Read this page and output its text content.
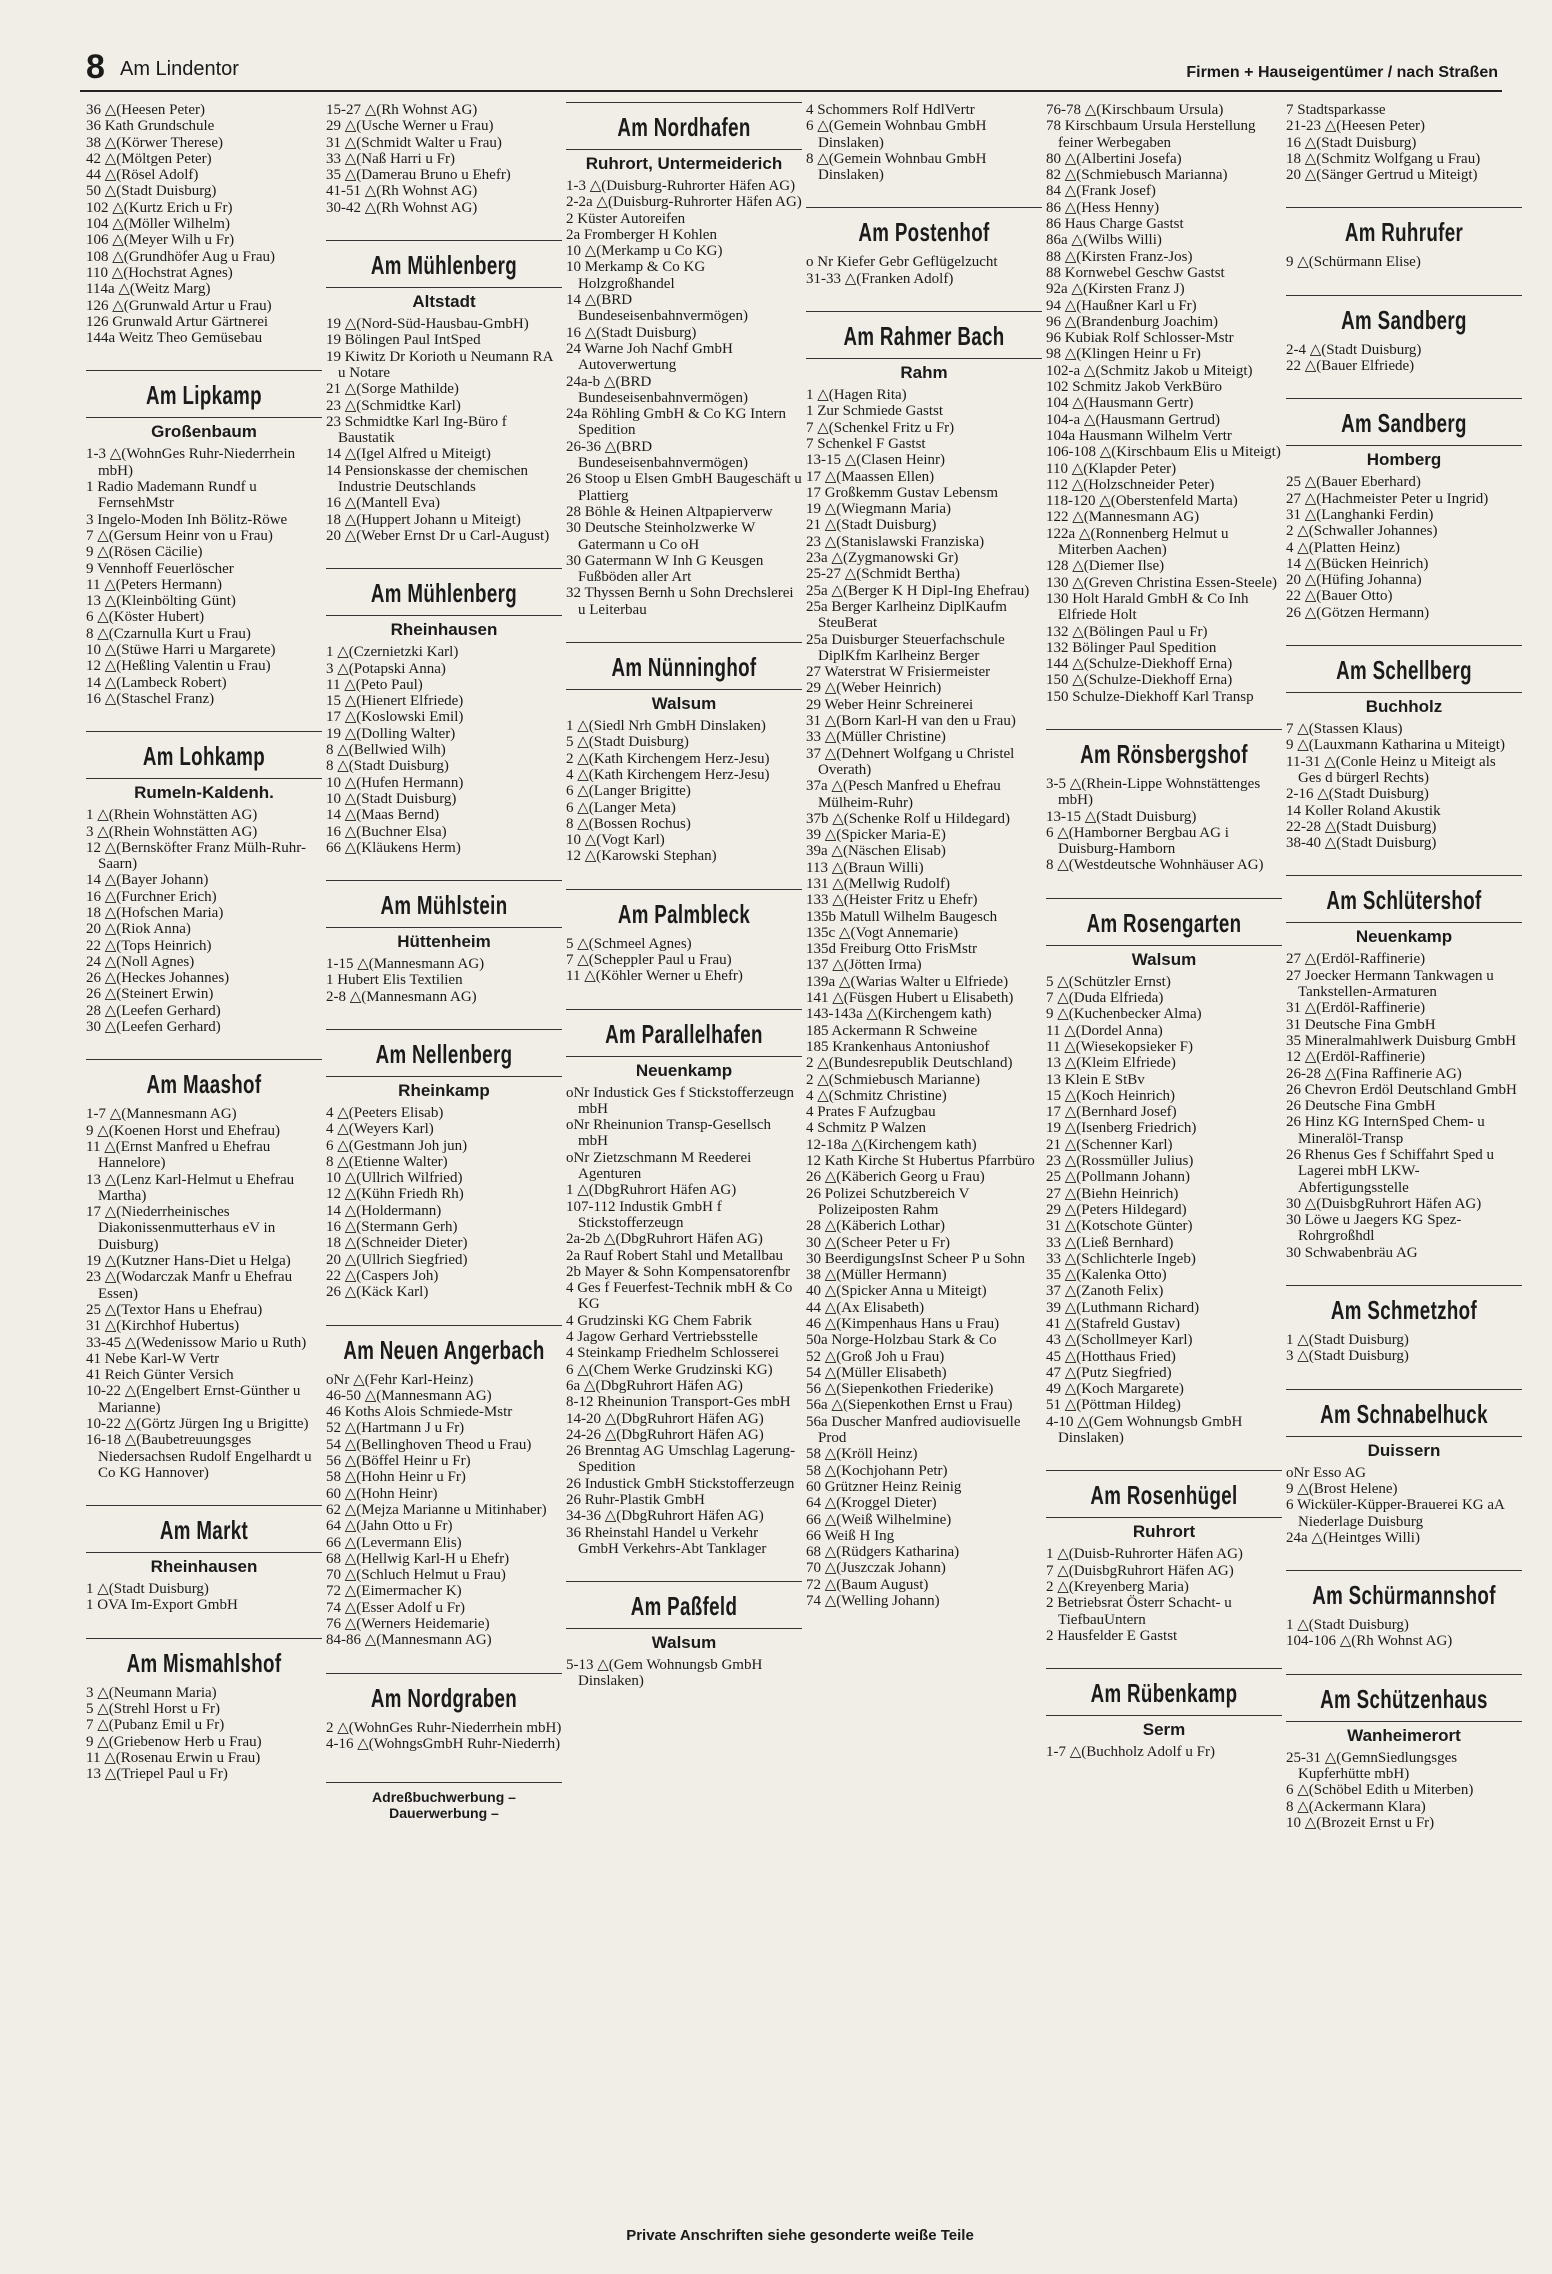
8 Am Lindentor	Firmen + Hauseigentümer / nach Straßen
36 △(Heesen Peter)
36 Kath Grundschule
38 △(Körwer Therese)
42 △(Möltgen Peter)
44 △(Rösel Adolf)
50 △(Stadt Duisburg)
102 △(Kurtz Erich u Fr)
104 △(Möller Wilhelm)
106 △(Meyer Wilh u Fr)
108 △(Grundhöfer Aug u Frau)
110 △(Hochstrat Agnes)
114a △(Weitz Marg)
126 △(Grunwald Artur u Frau)
126 Grunwald Artur Gärtnerei
144a Weitz Theo Gemüsebau
Am Lipkamp
Großenbaum
1-3 △(WohnGes Ruhr-Niederrhein mbH)
1 Radio Mademann Rundf u FernsehMstr
3 Ingelo-Moden Inh Bölitz-Röwe
7 △(Gersum Heinr von u Frau)
9 △(Rösen Cäcilie)
9 Vennhoff Feuerlöscher
11 △(Peters Hermann)
13 △(Kleinbölting Günt)
6 △(Köster Hubert)
8 △(Czarnulla Kurt u Frau)
10 △(Stüwe Harri u Margarete)
12 △(Heßling Valentin u Frau)
14 △(Lambeck Robert)
16 △(Staschel Franz)
Am Lohkamp
Rumeln-Kaldenh.
1 △(Rhein Wohnstätten AG)
3 △(Rhein Wohnstätten AG)
12 △(Bernsköfter Franz Mülh-Ruhr-Saarn)
14 △(Bayer Johann)
16 △(Furchner Erich)
18 △(Hofschen Maria)
20 △(Riok Anna)
22 △(Tops Heinrich)
24 △(Noll Agnes)
26 △(Heckes Johannes)
26 △(Steinert Erwin)
28 △(Leefen Gerhard)
30 △(Leefen Gerhard)
Am Maashof
1-7 △(Mannesmann AG)
9 △(Koenen Horst und Ehefrau)
11 △(Ernst Manfred u Ehefrau Hannelore)
13 △(Lenz Karl-Helmut u Ehefrau Martha)
17 △(Niederrheinisches Diakonissenmutterhaus eV in Duisburg)
19 △(Kutzner Hans-Diet u Helga)
23 △(Wodarczak Manfr u Ehefrau Essen)
25 △(Textor Hans u Ehefrau)
31 △(Kirchhof Hubertus)
33-45 △(Wedenissow Mario u Ruth)
41 Nebe Karl-W Vertr
41 Reich Günter Versich
10-22 △(Engelbert Ernst-Günther u Marianne)
10-22 △(Görtz Jürgen Ing u Brigitte)
16-18 △(Baubetreuungsges Niedersachsen Rudolf Engelhardt u Co KG Hannover)
Am Markt
Rheinhausen
1 △(Stadt Duisburg)
1 OVA Im-Export GmbH
Am Mismahlshof
3 △(Neumann Maria)
5 △(Strehl Horst u Fr)
7 △(Pubanz Emil u Fr)
9 △(Griebenow Herb u Frau)
11 △(Rosenau Erwin u Frau)
13 △(Triepel Paul u Fr)
15-27 △(Rh Wohnst AG)
29 △(Usche Werner u Frau)
31 △(Schmidt Walter u Frau)
33 △(Naß Harri u Fr)
35 △(Damerau Bruno u Ehefr)
41-51 △(Rh Wohnst AG)
30-42 △(Rh Wohnst AG)
Am Mühlenberg
Altstadt
19 △(Nord-Süd-Hausbau-GmbH)
19 Bölingen Paul IntSped
19 Kiwitz Dr Korioth u Neumann RA u Notare
21 △(Sorge Mathilde)
23 △(Schmidtke Karl)
23 Schmidtke Karl Ing-Büro f Baustatik
14 △(Igel Alfred u Miteigt)
14 Pensionskasse der chemischen Industrie Deutschlands
16 △(Mantell Eva)
18 △(Huppert Johann u Miteigt)
20 △(Weber Ernst Dr u Carl-August)
Am Mühlenberg
Rheinhausen
1 △(Czernietzki Karl)
3 △(Potapski Anna)
11 △(Peto Paul)
15 △(Hienert Elfriede)
17 △(Koslowski Emil)
19 △(Dolling Walter)
8 △(Bellwied Wilh)
8 △(Stadt Duisburg)
10 △(Hufen Hermann)
10 △(Stadt Duisburg)
14 △(Maas Bernd)
16 △(Buchner Elsa)
66 △(Kläukens Herm)
Am Mühlstein
Hüttenheim
1-15 △(Mannesmann AG)
1 Hubert Elis Textilien
2-8 △(Mannesmann AG)
Am Nellenberg
Rheinkamp
4 △(Peeters Elisab)
4 △(Weyers Karl)
6 △(Gestmann Joh jun)
8 △(Etienne Walter)
10 △(Ullrich Wilfried)
12 △(Kühn Friedh Rh)
14 △(Holdermann)
16 △(Stermann Gerh)
18 △(Schneider Dieter)
20 △(Ullrich Siegfried)
22 △(Caspers Joh)
26 △(Käck Karl)
Am Neuen Angerbach
oNr △(Fehr Karl-Heinz)
46-50 △(Mannesmann AG)
46 Koths Alois Schmiede-Mstr
52 △(Hartmann J u Fr)
54 △(Bellinghoven Theod u Frau)
56 △(Böffel Heinr u Fr)
58 △(Hohn Heinr u Fr)
60 △(Hohn Heinr)
62 △(Mejza Marianne u Mitinhaber)
64 △(Jahn Otto u Fr)
66 △(Levermann Elis)
68 △(Hellwig Karl-H u Ehefr)
70 △(Schluch Helmut u Frau)
72 △(Eimermacher K)
74 △(Esser Adolf u Fr)
76 △(Werners Heidemarie)
84-86 △(Mannesmann AG)
Am Nordgraben
2 △(WohnGes Ruhr-Niederrhein mbH)
4-16 △(WohngsGmbH Ruhr-Niederrh)
Adreßbuchwerbung – Dauerwerbung –
Am Nordhafen
Ruhrort, Untermeiderich
1-3 △(Duisburg-Ruhrorter Häfen AG)
2-2a △(Duisburg-Ruhrorter Häfen AG)
2 Küster Autoreifen
2a Fromberger H Kohlen
10 △(Merkamp u Co KG)
10 Merkamp & Co KG Holzgroßhandel
14 △(BRD Bundeseisenbahnvermögen)
16 △(Stadt Duisburg)
24 Warne Joh Nachf GmbH Autoverwertung
24a-b △(BRD Bundeseisenbahnvermögen)
24a Röhling GmbH & Co KG Intern Spedition
26-36 △(BRD Bundeseisenbahnvermögen)
26 Stoop u Elsen GmbH Baugeschäft u Plattierg
28 Böhle & Heinen Altpapierverw
30 Deutsche Steinholzwerke W Gatermann u Co oH
30 Gatermann W Inh G Keusgen Fußböden aller Art
32 Thyssen Bernh u Sohn Drechslerei u Leiterbau
Am Nünninghof
Walsum
1 △(Siedl Nrh GmbH Dinslaken)
5 △(Stadt Duisburg)
2 △(Kath Kirchengem Herz-Jesu)
4 △(Kath Kirchengem Herz-Jesu)
6 △(Langer Brigitte)
6 △(Langer Meta)
8 △(Bossen Rochus)
10 △(Vogt Karl)
12 △(Karowski Stephan)
Am Palmbleck
5 △(Schmeel Agnes)
7 △(Scheppler Paul u Frau)
11 △(Köhler Werner u Ehefr)
Am Parallelhafen
Neuenkamp
oNr Industick Ges f Stickstofferzeugn mbH
oNr Rheinunion Transp-Gesellsch mbH
oNr Zietzschmann M Reederei Agenturen
1 △(DbgRuhrort Häfen AG)
107-112 Industik GmbH f Stickstofferzeugn
2a-2b △(DbgRuhrort Häfen AG)
2a Rauf Robert Stahl und Metallbau
2b Mayer & Sohn Kompensatorenfbr
4 Ges f Feuerfest-Technik mbH & Co KG
4 Grudzinski KG Chem Fabrik
4 Jagow Gerhard Vertriebsstelle
4 Steinkamp Friedhelm Schlosserei
6 △(Chem Werke Grudzinski KG)
6a △(DbgRuhrort Häfen AG)
8-12 Rheinunion Transport-Ges mbH
14-20 △(DbgRuhrort Häfen AG)
24-26 △(DbgRuhrort Häfen AG)
26 Brenntag AG Umschlag Lagerung-Spedition
26 Industick GmbH Stickstofferzeugn
26 Ruhr-Plastik GmbH
34-36 △(DbgRuhrort Häfen AG)
36 Rheinstahl Handel u Verkehr GmbH Verkehrs-Abt Tanklager
Am Paßfeld
Walsum
5-13 △(Gem Wohnungsb GmbH Dinslaken)
4 Schommers Rolf HdlVertr
6 △(Gemein Wohnbau GmbH Dinslaken)
8 △(Gemein Wohnbau GmbH Dinslaken)
Am Postenhof
o Nr Kiefer Gebr Geflügelzucht
31-33 △(Franken Adolf)
Am Rahmer Bach
Rahm
1 △(Hagen Rita)
1 Zur Schmiede Gastst
7 △(Schenkel Fritz u Fr)
7 Schenkel F Gastst
13-15 △(Clasen Heinr)
17 △(Maassen Ellen)
17 Großkemm Gustav Lebensm
19 △(Wiegmann Maria)
21 △(Stadt Duisburg)
23 △(Stanislawski Franziska)
23a △(Zygmanowski Gr)
25-27 △(Schmidt Bertha)
25a △(Berger K H Dipl-Ing Ehefrau)
25a Berger Karlheinz DiplKaufm SteuBerat
25a Duisburger Steuerfachschule DiplKfm Karlheinz Berger
27 Waterstrat W Frisiermeister
29 △(Weber Heinrich)
29 Weber Heinr Schreinerei
31 △(Born Karl-H van den u Frau)
33 △(Müller Christine)
37 △(Dehnert Wolfgang u Christel Overath)
37a △(Pesch Manfred u Ehefrau Mülheim-Ruhr)
37b △(Schenke Rolf u Hildegard)
39 △(Spicker Maria-E)
39a △(Näschen Elisab)
113 △(Braun Willi)
131 △(Mellwig Rudolf)
133 △(Heister Fritz u Ehefr)
135b Matull Wilhelm Baugesch
135c △(Vogt Annemarie)
135d Freiburg Otto FrisMstr
137 △(Jötten Irma)
139a △(Warias Walter u Elfriede)
141 △(Füsgen Hubert u Elisabeth)
143-143a △(Kirchengem kath)
185 Ackermann R Schweine
185 Krankenhaus Antoniushof
2 △(Bundesrepublik Deutschland)
2 △(Schmiebusch Marianne)
4 △(Schmitz Christine)
4 Prates F Aufzugbau
4 Schmitz P Walzen
12-18a △(Kirchengem kath)
12 Kath Kirche St Hubertus Pfarrbüro
26 △(Käberich Georg u Frau)
26 Polizei Schutzbereich V Polizeiposten Rahm
28 △(Käberich Lothar)
30 △(Scheer Peter u Fr)
30 BeerdigungsInst Scheer P u Sohn
38 △(Müller Hermann)
40 △(Spicker Anna u Miteigt)
44 △(Ax Elisabeth)
46 △(Kimpenhaus Hans u Frau)
50a Norge-Holzbau Stark & Co
52 △(Groß Joh u Frau)
54 △(Müller Elisabeth)
56 △(Siepenkothen Friederike)
56a △(Siepenkothen Ernst u Frau)
56a Duscher Manfred audiovisuelle Prod
58 △(Kröll Heinz)
58 △(Kochjohann Petr)
60 Grützner Heinz Reinig
64 △(Kroggel Dieter)
66 △(Weiß Wilhelmine)
66 Weiß H Ing
68 △(Rüdgers Katharina)
70 △(Juszczak Johann)
72 △(Baum August)
74 △(Welling Johann)
76-78 △(Kirschbaum Ursula)
78 Kirschbaum Ursula Herstellung feiner Werbegaben
80 △(Albertini Josefa)
82 △(Schmiebusch Marianna)
84 △(Frank Josef)
86 △(Hess Henny)
86 Haus Charge Gastst
86a △(Wilbs Willi)
88 △(Kirsten Franz-Jos)
88 Kornwebel Geschw Gastst
92a △(Kirsten Franz J)
94 △(Haußner Karl u Fr)
96 △(Brandenburg Joachim)
96 Kubiak Rolf Schlosser-Mstr
98 △(Klingen Heinr u Fr)
102-a △(Schmitz Jakob u Miteigt)
102 Schmitz Jakob VerkBüro
104 △(Hausmann Gertr)
104-a △(Hausmann Gertrud)
104a Hausmann Wilhelm Vertr
106-108 △(Kirschbaum Elis u Miteigt)
110 △(Klapder Peter)
112 △(Holzschneider Peter)
118-120 △(Oberstenfeld Marta)
122 △(Mannesmann AG)
122a △(Ronnenberg Helmut u Miterben Aachen)
128 △(Diemer Ilse)
130 △(Greven Christina Essen-Steele)
130 Holt Harald GmbH & Co Inh Elfriede Holt
132 △(Bölingen Paul u Fr)
132 Bölinger Paul Spedition
144 △(Schulze-Diekhoff Erna)
150 △(Schulze-Diekhoff Erna)
150 Schulze-Diekhoff Karl Transp
Am Rönsbergshof
3-5 △(Rhein-Lippe Wohnstättenges mbH)
13-15 △(Stadt Duisburg)
6 △(Hamborner Bergbau AG i Duisburg-Hamborn
8 △(Westdeutsche Wohnhäuser AG)
Am Rosengarten
Walsum
5 △(Schützler Ernst)
7 △(Duda Elfrieda)
9 △(Kuchenbecker Alma)
11 △(Dordel Anna)
11 △(Wiesekopsieker F)
13 △(Kleim Elfriede)
13 Klein E StBv
15 △(Koch Heinrich)
17 △(Bernhard Josef)
19 △(Isenberg Friedrich)
21 △(Schenner Karl)
23 △(Rossmüller Julius)
25 △(Pollmann Johann)
27 △(Biehn Heinrich)
29 △(Peters Hildegard)
31 △(Kotschote Günter)
33 △(Ließ Bernhard)
33 △(Schlichterle Ingeb)
35 △(Kalenka Otto)
37 △(Zanoth Felix)
39 △(Luthmann Richard)
41 △(Stafreld Gustav)
43 △(Schollmeyer Karl)
45 △(Hotthaus Fried)
47 △(Putz Siegfried)
49 △(Koch Margarete)
51 △(Pöttman Hildeg)
4-10 △(Gem Wohnungsb GmbH Dinslaken)
Am Rosenhügel
Ruhrort
1 △(Duisb-Ruhrorter Häfen AG)
7 △(DuisbgRuhrort Häfen AG)
2 △(Kreyenberg Maria)
2 Betriebsrat Österr Schacht- u TiefbauUntern
2 Hausfelder E Gastst
Am Rübenkamp
Serm
1-7 △(Buchholz Adolf u Fr)
7 Stadtsparkasse
21-23 △(Heesen Peter)
16 △(Stadt Duisburg)
18 △(Schmitz Wolfgang u Frau)
20 △(Sänger Gertrud u Miteigt)
Am Ruhrufer
9 △(Schürmann Elise)
Am Sandberg
2-4 △(Stadt Duisburg)
22 △(Bauer Elfriede)
Am Sandberg
Homberg
25 △(Bauer Eberhard)
27 △(Hachmeister Peter u Ingrid)
31 △(Langhanki Ferdin)
2 △(Schwaller Johannes)
4 △(Platten Heinz)
14 △(Bücken Heinrich)
20 △(Hüfing Johanna)
22 △(Bauer Otto)
26 △(Götzen Hermann)
Am Schellberg
Buchholz
7 △(Stassen Klaus)
9 △(Lauxmann Katharina u Miteigt)
11-31 △(Conle Heinz u Miteigt als Ges d bürgerl Rechts)
2-16 △(Stadt Duisburg)
14 Koller Roland Akustik
22-28 △(Stadt Duisburg)
38-40 △(Stadt Duisburg)
Am Schlütershof
Neuenkamp
27 △(Erdöl-Raffinerie)
27 Joecker Hermann Tankwagen u Tankstellen-Armaturen
31 △(Erdöl-Raffinerie)
31 Deutsche Fina GmbH
35 Mineralmahlwerk Duisburg GmbH
12 △(Erdöl-Raffinerie)
26-28 △(Fina Raffinerie AG)
26 Chevron Erdöl Deutschland GmbH
26 Deutsche Fina GmbH
26 Hinz KG InternSped Chem- u Mineralöl-Transp
26 Rhenus Ges f Schiffahrt Sped u Lagerei mbH LKW-Abfertigungsstelle
30 △(DuisbgRuhrort Häfen AG)
30 Löwe u Jaegers KG Spez-Rohrgroßhdl
30 Schwabenbräu AG
Am Schmetzhof
1 △(Stadt Duisburg)
3 △(Stadt Duisburg)
Am Schnabelhuck
Duissern
oNr Esso AG
9 △(Brost Helene)
6 Wicküler-Küpper-Brauerei KG aA Niederlage Duisburg
24a △(Heintges Willi)
Am Schürmannshof
1 △(Stadt Duisburg)
104-106 △(Rh Wohnst AG)
Am Schützenhaus
Wanheimerort
25-31 △(GemnSiedlungsges Kupferhütte mbH)
6 △(Schöbel Edith u Miterben)
8 △(Ackermann Klara)
10 △(Brozeit Ernst u Fr)
Private Anschriften siehe gesonderte weiße Teile
